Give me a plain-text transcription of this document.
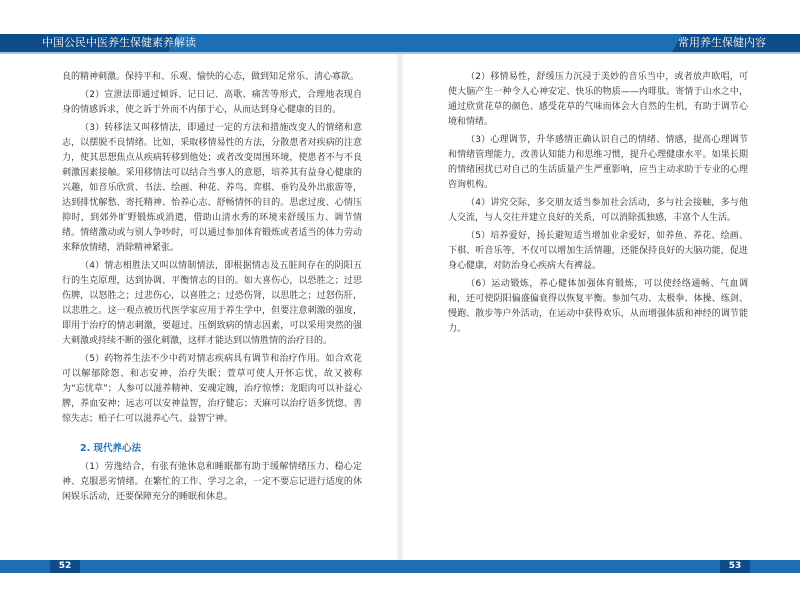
中国公民中医养生保健素养解读	常用养生保健内容

良的精神刺激。保持平和、乐观、愉快的心态，做到知足常乐、清心寡欲。

（2）宣泄法即通过倾诉、记日记、高歌、痛苦等形式，合理地表现自身的情感诉求，使之诉于外而不内郁于心，从而达到身心健康的目的。

（3）转移法又叫移情法，即通过一定的方法和措施改变人的情绪和意志，以摆脱不良情绪。比如，采取移情易性的方法，分散患者对疾病的注意力，使其思想焦点从疾病转移到他处；或者改变周围环境，使患者不与不良刺激因素接触。采用移情法可以结合当事人的意愿，培养其有益身心健康的兴趣，如音乐欣赏、书法、绘画、种花、养鸟、弈棋、垂钓及外出旅游等，达到排忧解愁、寄托精神、怡养心志、舒畅情怀的目的。思虑过度、心情压抑时，到郊外旷野锻炼或消遣，借助山清水秀的环境来舒缓压力、调节情绪。情绪激动或与别人争吵时，可以通过参加体育锻炼或者适当的体力劳动来释放情绪，消除精神紧张。

（4）情志相胜法又叫以情制情法，即根据情志及五脏间存在的阴阳五行的生克原理，达到协调、平衡情志的目的。如大喜伤心，以恐胜之；过思伤脾，以怒胜之；过悲伤心，以喜胜之；过恐伤肾，以思胜之；过怒伤肝，以悲胜之。这一观点被历代医学家应用于养生学中，但要注意刺激的强度，即用于治疗的情志刺激，要超过、压倒致病的情志因素，可以采用突然的强大刺激或持续不断的强化刺激，这样才能达到以情胜情的治疗目的。

（5）药物养生法不少中药对情志疾病具有调节和治疗作用。如合欢花可以解郁除怨、和志安神，治疗失眠；萱草可使人开怀忘忧，故又被称为“忘忧草”；人参可以滋养精神、安魂定魄，治疗惊悸；龙眼肉可以补益心脾，养血安神；远志可以安神益智，治疗健忘；天麻可以治疗语多恍惚、善惊失志；柏子仁可以滋养心气、益智宁神。

2. 现代养心法

（1）劳逸结合，有张有弛休息和睡眠都有助于缓解情绪压力、稳心定神、克服恶劣情绪。在繁忙的工作、学习之余，一定不要忘记进行适度的休闲娱乐活动，还要保障充分的睡眠和休息。

（2）移情易性，舒缓压力沉浸于美妙的音乐当中，或者放声欧唱，可使大脑产生一种令人心神安定、快乐的物质——内啡肽。寄情于山水之中，通过欣赏花草的颜色、感受花草的气味而体会大自然的生机，有助于调节心境和情绪。

（3）心理调节，升华感情正确认识自己的情绪、情感，提高心理调节和情绪管理能力，改善认知能力和思维习惯，提升心理健康水平。如果长期的情绪困扰已对自己的生活质量产生严重影响，应当主动求助于专业的心理咨询机构。

（4）讲究交际，多交朋友适当参加社会活动，多与社会接触，多与他人交流，与人交往并建立良好的关系，可以消除孤独感，丰富个人生活。

（5）培养爱好，扬长避短适当增加业余爱好，如养鱼、养花、绘画、下棋、听音乐等，不仅可以增加生活情趣，还能保持良好的大脑功能，促进身心健康，对防治身心疾病大有裨益。

（6）运动锻炼，养心健体加强体育锻炼，可以使经络通畅、气血调和，还可使阴阳偏盛偏衰得以恢复平衡。参加气功、太极拳、体操、练剑、慢跑、散步等户外活动，在运动中获得欢乐，从而增强体质和神经的调节能力。

52	53
